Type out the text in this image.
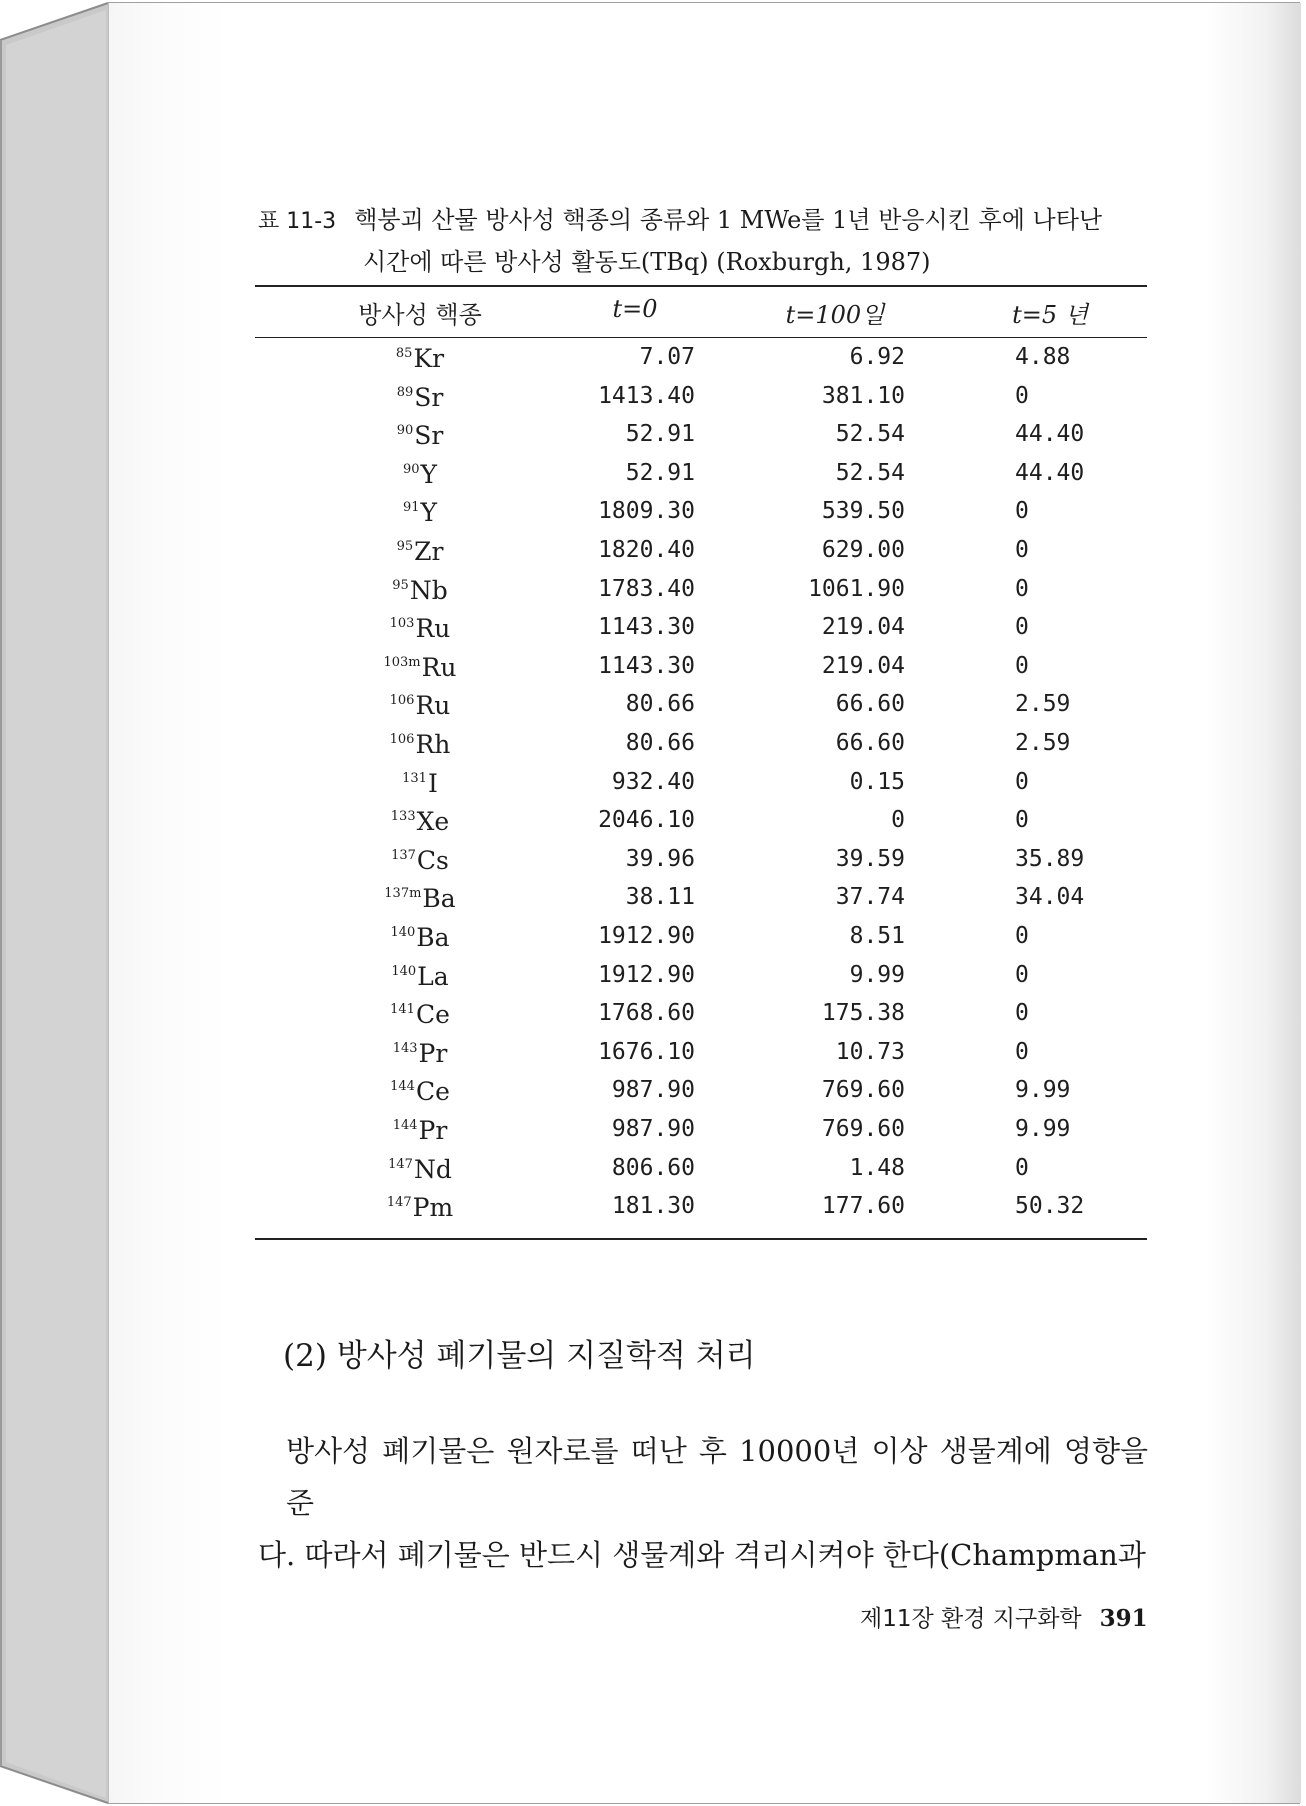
표 11-3 핵붕괴 산물 방사성 핵종의 종류와 1 MWe를 1년 반응시킨 후에 나타난
시간에 따른 방사성 활동도(TBq) (Roxburgh, 1987)
방사성 핵종	t=0	t=100일	t=5 년
$^{85}$Kr	7.07	6.92	4.88
$^{89}$Sr	1413.40	381.10	0
$^{90}$Sr	52.91	52.54	44.40
$^{90}$Y	52.91	52.54	44.40
$^{91}$Y	1809.30	539.50	0
$^{95}$Zr	1820.40	629.00	0
$^{95}$Nb	1783.40	1061.90	0
$^{103}$Ru	1143.30	219.04	0
$^{103m}$Ru	1143.30	219.04	0
$^{106}$Ru	80.66	66.60	2.59
$^{106}$Rh	80.66	66.60	2.59
$^{131}$I	932.40	0.15	0
$^{133}$Xe	2046.10	0	0
$^{137}$Cs	39.96	39.59	35.89
$^{137m}$Ba	38.11	37.74	34.04
$^{140}$Ba	1912.90	8.51	0
$^{140}$La	1912.90	9.99	0
$^{141}$Ce	1768.60	175.38	0
$^{143}$Pr	1676.10	10.73	0
$^{144}$Ce	987.90	769.60	9.99
$^{144}$Pr	987.90	769.60	9.99
$^{147}$Nd	806.60	1.48	0
$^{147}$Pm	181.30	177.60	50.32
(2) 방사성 폐기물의 지질학적 처리
방사성 폐기물은 원자로를 떠난 후 10000년 이상 생물계에 영향을 준
다. 따라서 폐기물은 반드시 생물계와 격리시켜야 한다(Champman과
제11장 환경 지구화학 391
